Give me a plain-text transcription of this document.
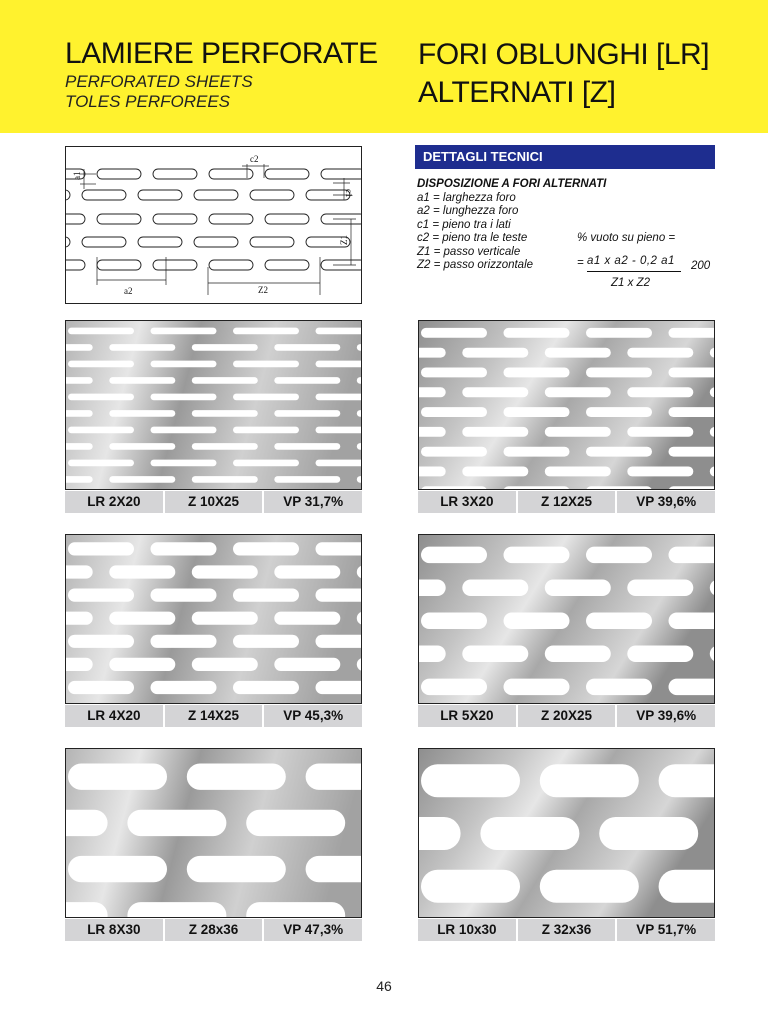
LAMIERE PERFORATE
PERFORATED SHEETS
TOLES PERFOREES
FORI OBLUNGHI [LR]
ALTERNATI [Z]
a1
c2
c1
Z1
a2	Z2
DETTAGLI TECNICI
DISPOSIZIONE A FORI ALTERNATI
a1 = larghezza foro
a2 = lunghezza foro
c1 = pieno tra i lati
c2 = pieno tra le teste
Z1 = passo verticale
Z2 = passo orizzontale
% vuoto su pieno =
= a1 x a2 - 0,2 a1
Z1 x Z2
200
LR 2X20	Z 10X25	VP 31,7%	LR 3X20	Z 12X25	VP 39,6%
LR 4X20	Z 14X25	VP 45,3%	LR 5X20	Z 20X25	VP 39,6%
LR 8X30	Z 28x36	VP 47,3%	LR 10x30	Z 32x36	VP 51,7%
46
